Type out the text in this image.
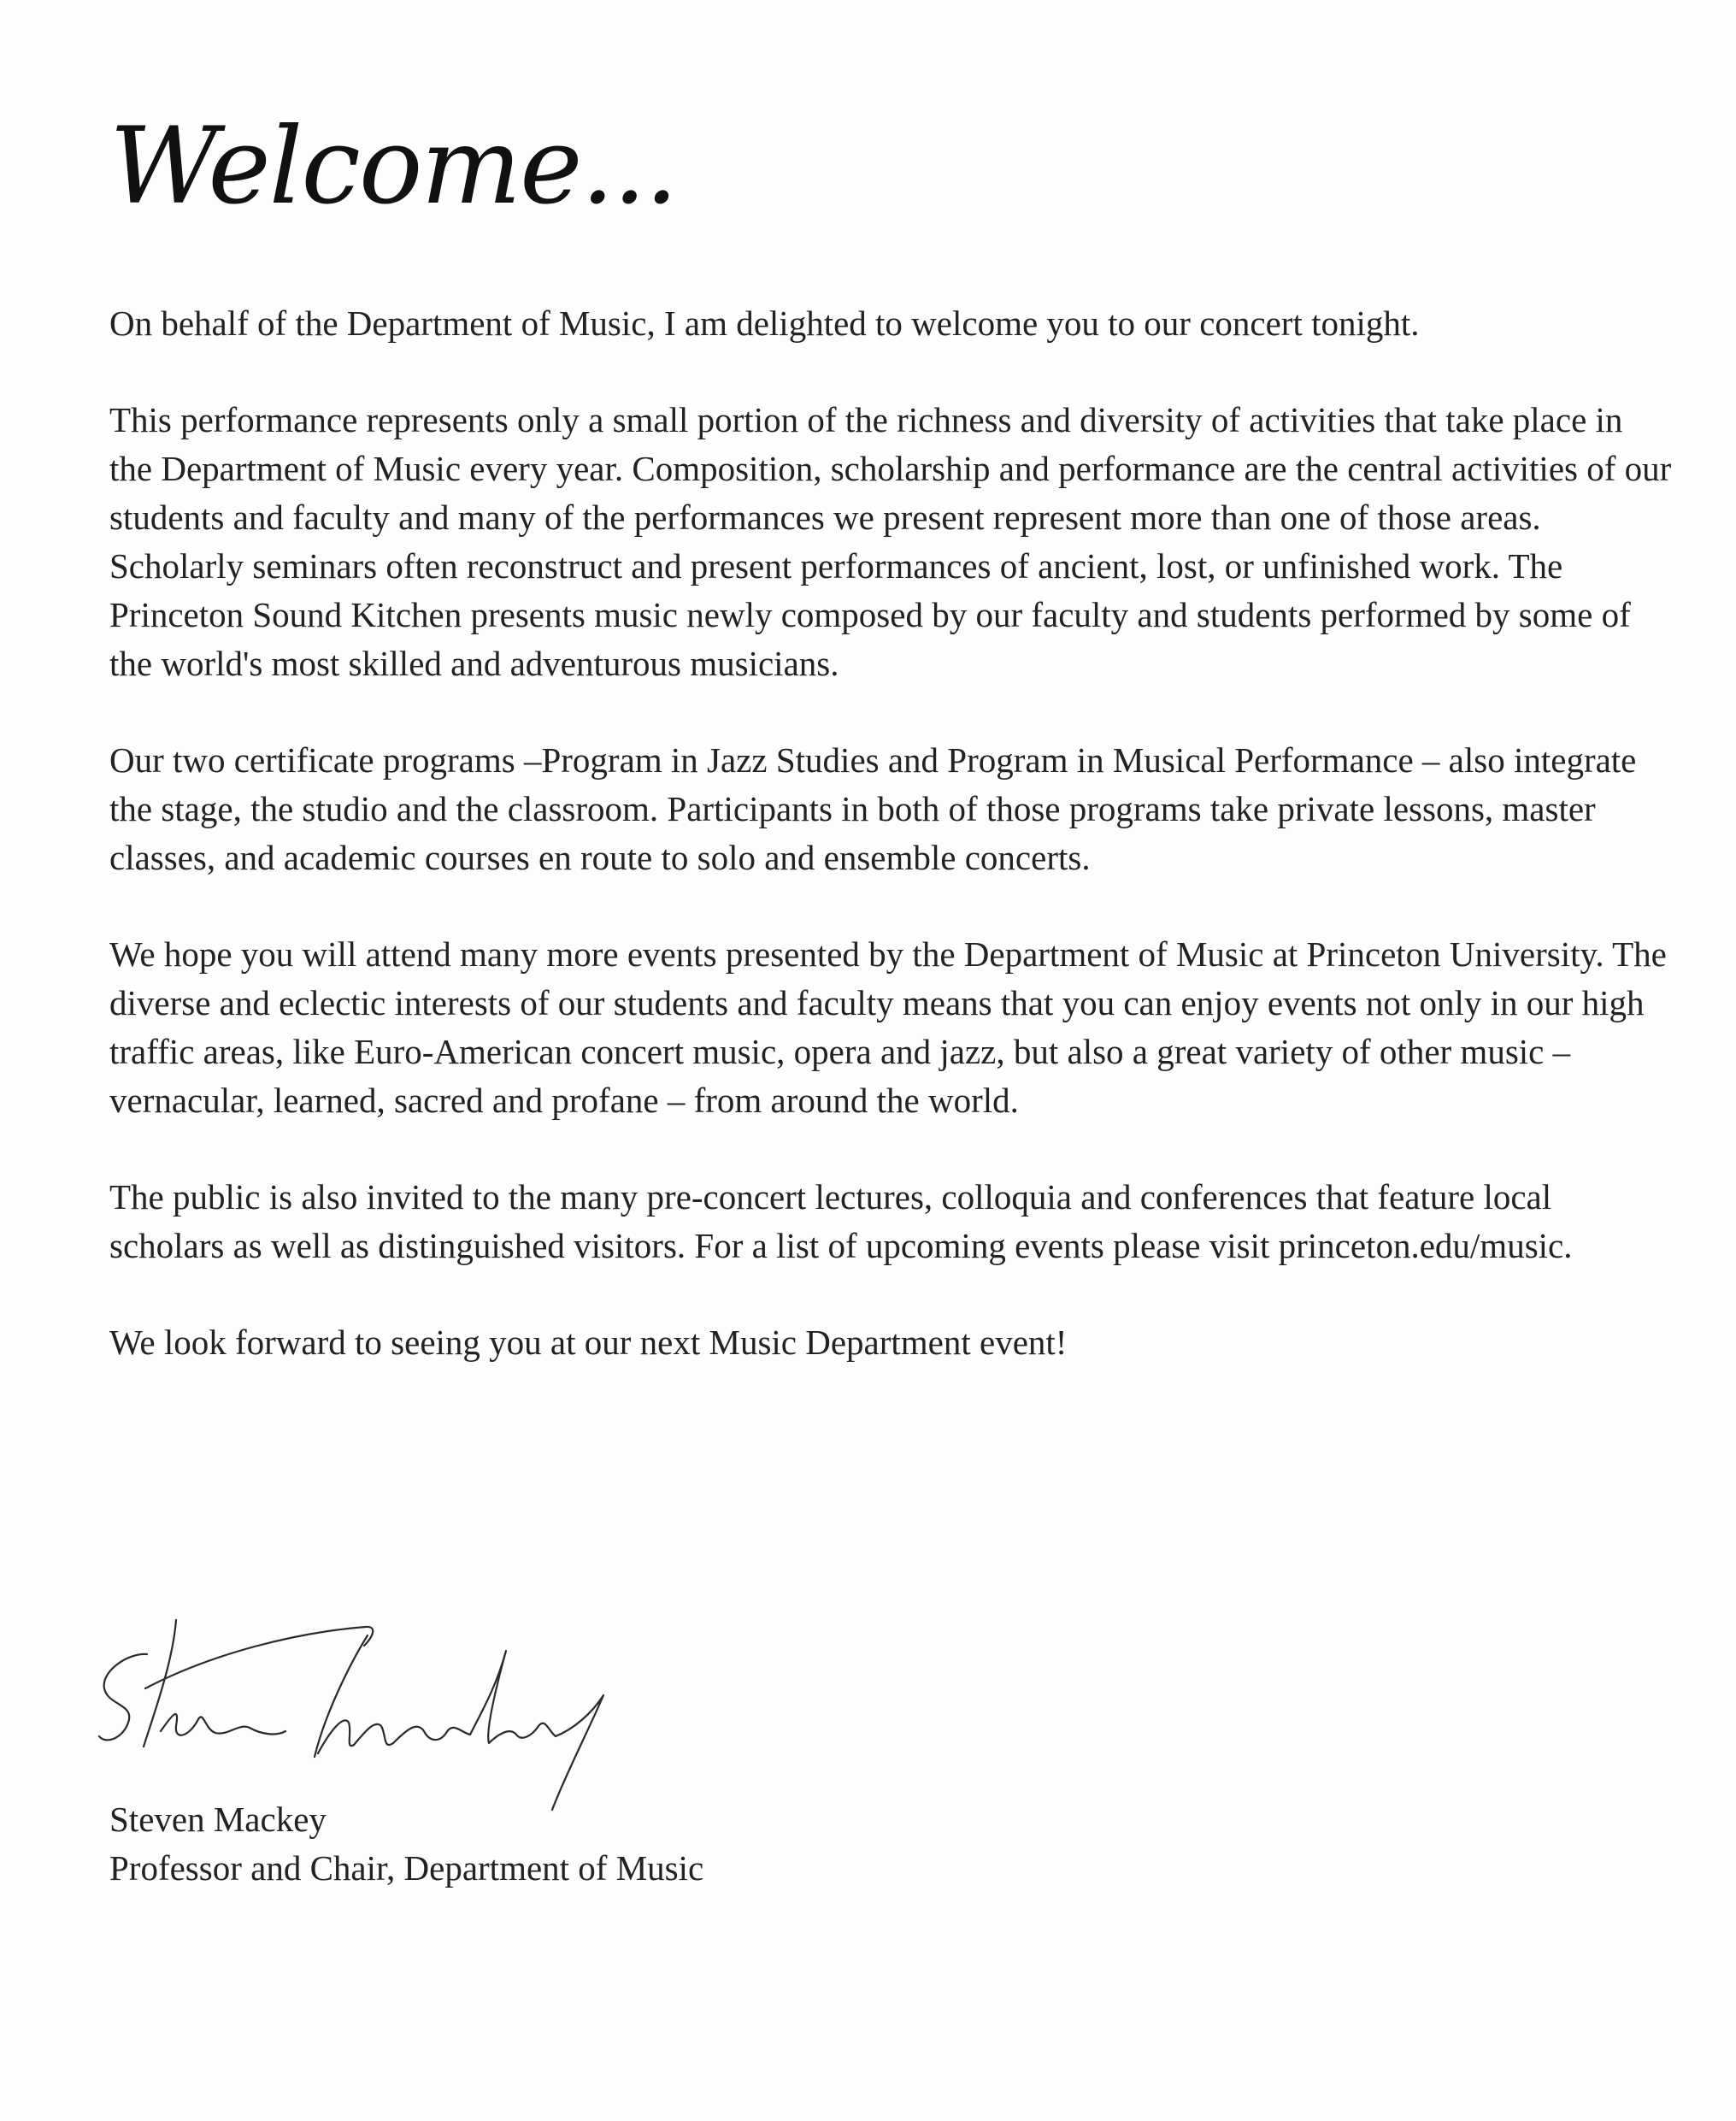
Welcome...

On behalf of the Department of Music, I am delighted to welcome you to our concert tonight.

This performance represents only a small portion of the richness and diversity of activities that take place in the Department of Music every year. Composition, scholarship and performance are the central activities of our students and faculty and many of the performances we present represent more than one of those areas. Scholarly seminars often reconstruct and present performances of ancient, lost, or unfinished work. The Princeton Sound Kitchen presents music newly composed by our faculty and students performed by some of the world's most skilled and adventurous musicians.

Our two certificate programs –Program in Jazz Studies and Program in Musical Performance – also integrate the stage, the studio and the classroom. Participants in both of those programs take private lessons, master classes, and academic courses en route to solo and ensemble concerts.

We hope you will attend many more events presented by the Department of Music at Princeton University. The diverse and eclectic interests of our students and faculty means that you can enjoy events not only in our high traffic areas, like Euro-American concert music, opera and jazz, but also a great variety of other music – vernacular, learned, sacred and profane – from around the world.

The public is also invited to the many pre-concert lectures, colloquia and conferences that feature local scholars as well as distinguished visitors. For a list of upcoming events please visit princeton.edu/music.

We look forward to seeing you at our next Music Department event!

Steven Mackey
Professor and Chair, Department of Music
